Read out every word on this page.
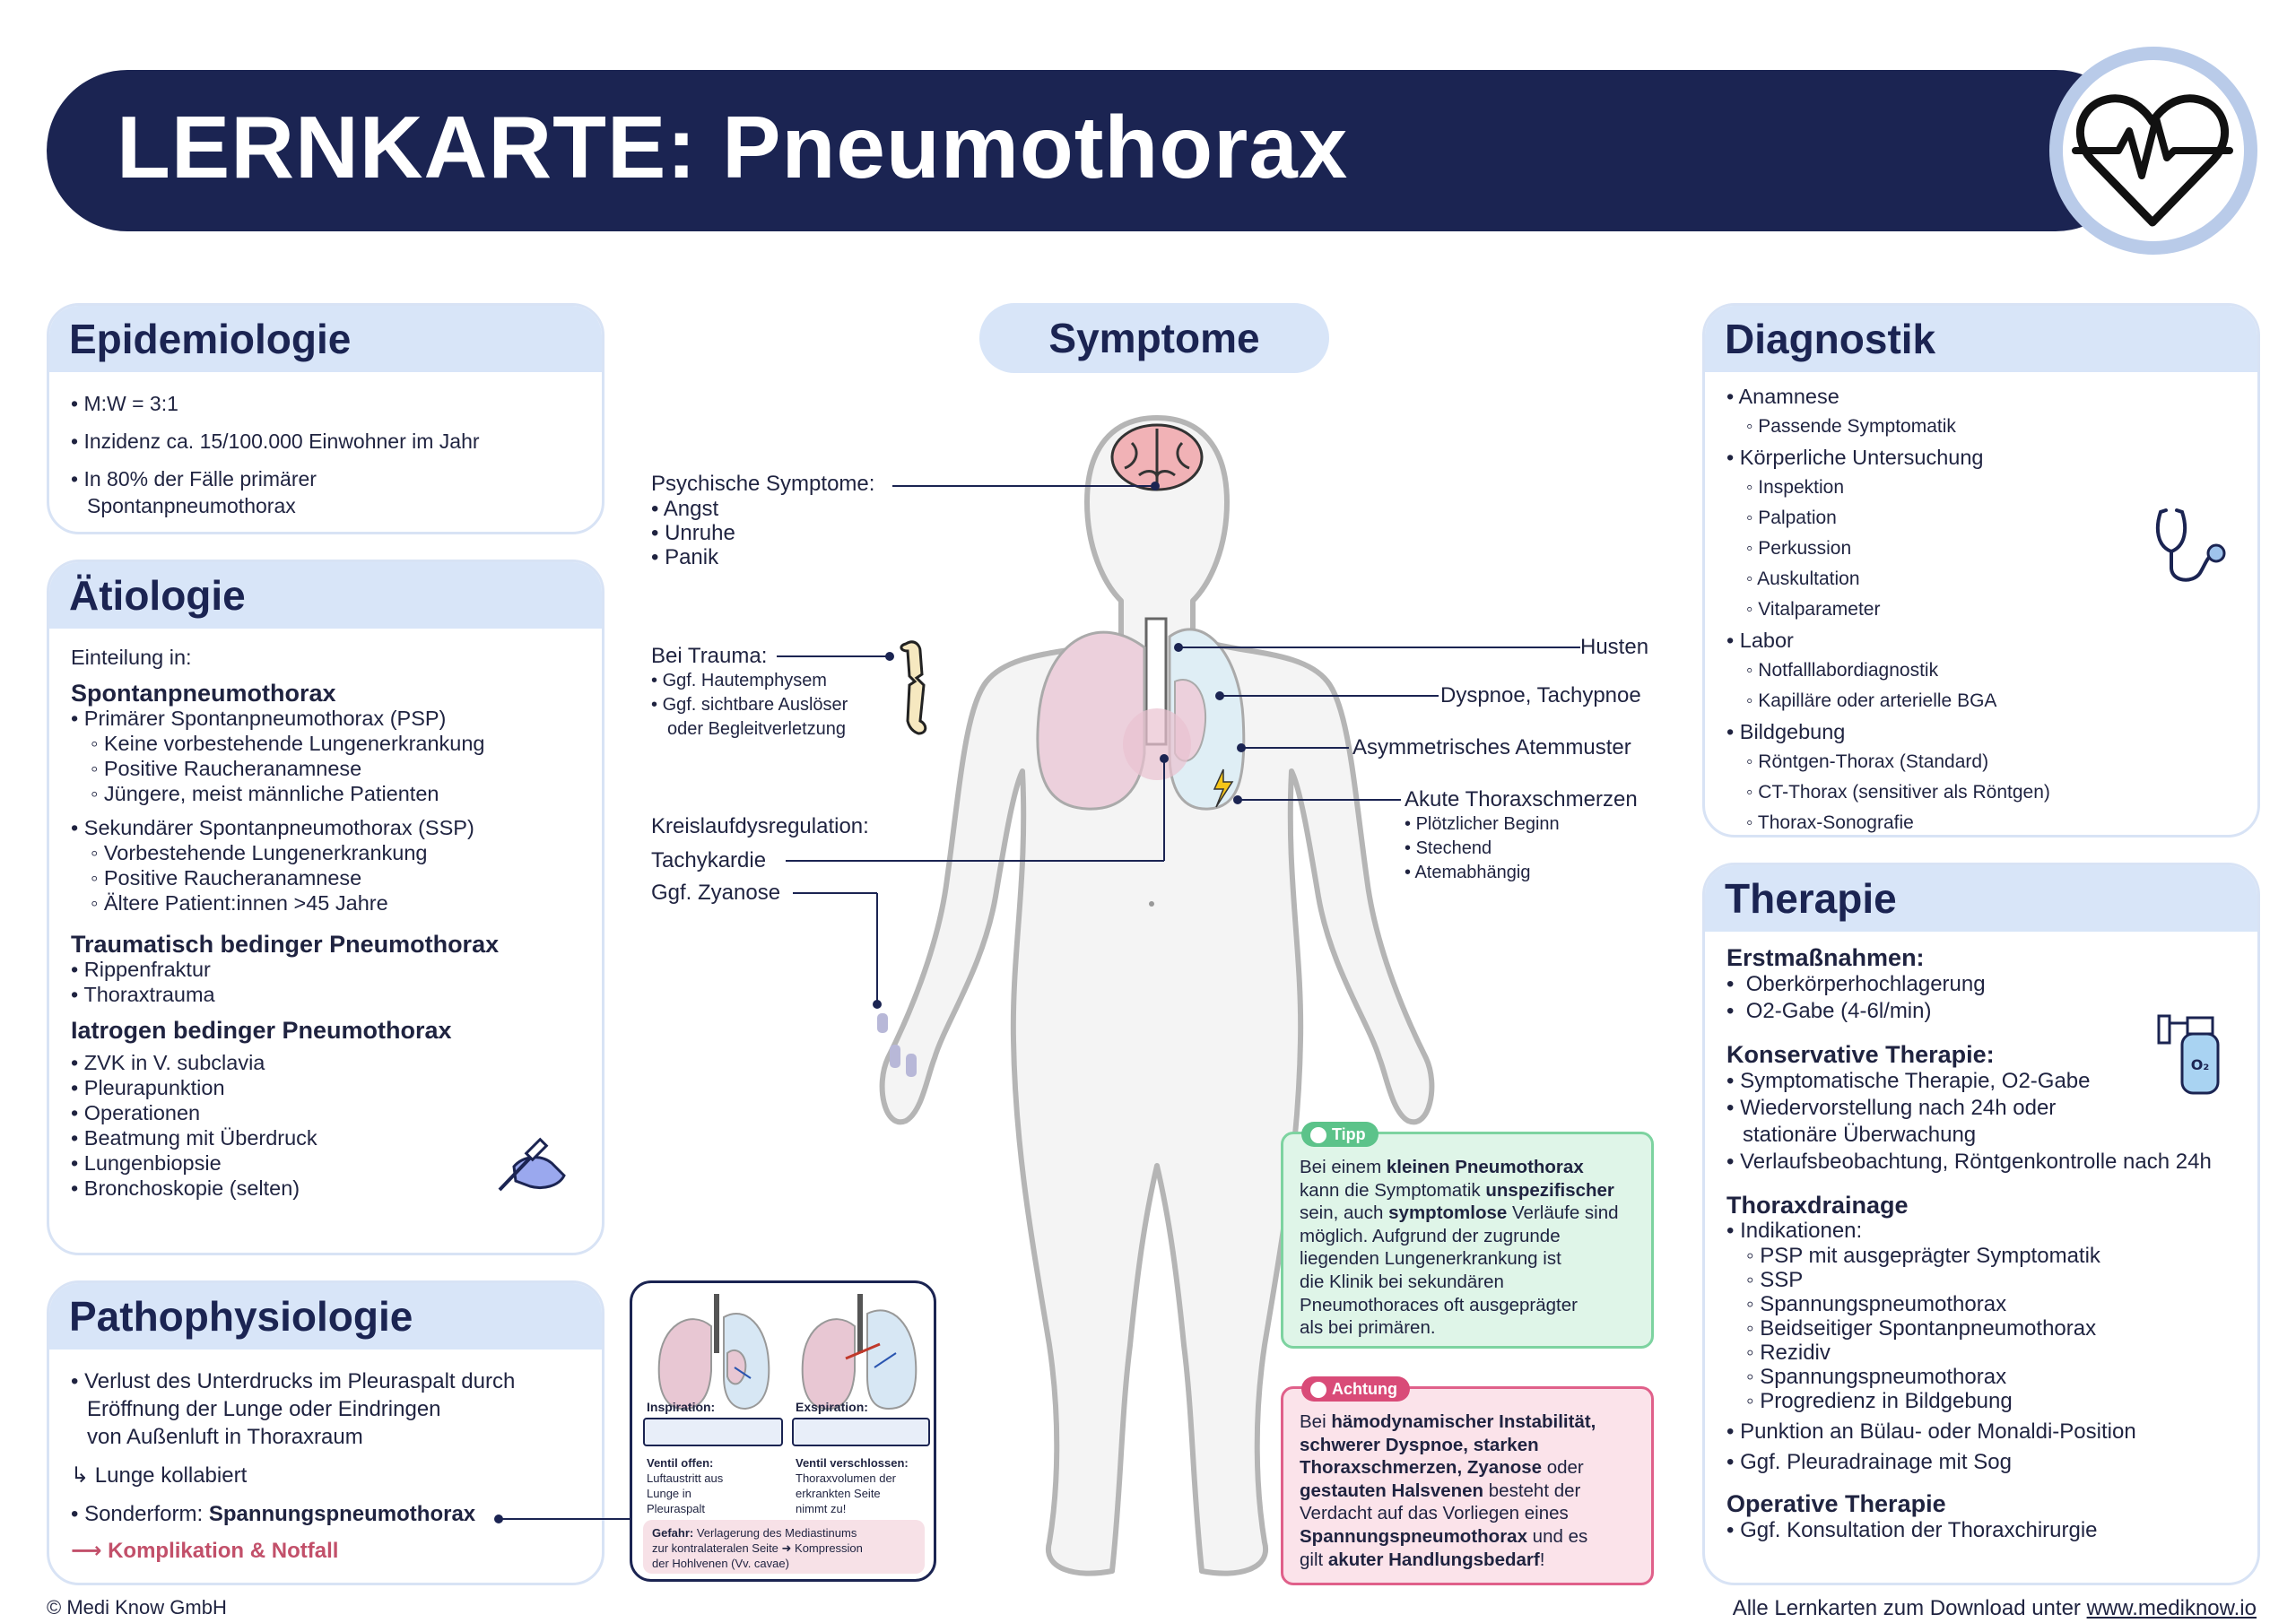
LERNKARTE: Pneumothorax
Epidemiologie
• M:W = 3:1
• Inzidenz ca. 15/100.000 Einwohner im Jahr
• In 80% der Fälle primärer
Spontanpneumothorax
Ätiologie
Einteilung in:
Spontanpneumothorax
• Primärer Spontanpneumothorax (PSP)
◦ Keine vorbestehende Lungenerkrankung
◦ Positive Raucheranamnese
◦ Jüngere, meist männliche Patienten
• Sekundärer Spontanpneumothorax (SSP)
◦ Vorbestehende Lungenerkrankung
◦ Positive Raucheranamnese
◦ Ältere Patient:innen >45 Jahre
Traumatisch bedinger Pneumothorax
• Rippenfraktur
• Thoraxtrauma
Iatrogen bedinger Pneumothorax
• ZVK in V. subclavia
• Pleurapunktion
• Operationen
• Beatmung mit Überdruck
• Lungenbiopsie
• Bronchoskopie (selten)
Pathophysiologie
• Verlust des Unterdrucks im Pleuraspalt durch
Eröffnung der Lunge oder Eindringen
von Außenluft in Thoraxraum
↳ Lunge kollabiert
• Sonderform: Spannungspneumothorax
⟶ Komplikation & Notfall
Inspiration:	Exspiration:
Ventil offen:
Luftaustritt aus
Lunge in
Pleuraspalt
Ventil verschlossen:
Thoraxvolumen der
erkrankten Seite
nimmt zu!
Gefahr: Verlagerung des Mediastinums
zur kontralateralen Seite ➜ Kompression
der Hohlvenen (Vv. cavae)
Symptome
Psychische Symptome:
• Angst
• Unruhe
• Panik
Bei Trauma:
• Ggf. Hautemphysem
• Ggf. sichtbare Auslöser
oder Begleitverletzung
Kreislaufdysregulation:
Tachykardie
Ggf. Zyanose
Husten
Dyspnoe, Tachypnoe
Asymmetrisches Atemmuster
Akute Thoraxschmerzen
• Plötzlicher Beginn
• Stechend
• Atemabhängig
i Tipp
Bei einem kleinen Pneumothorax
kann die Symptomatik unspezifischer
sein, auch symptomlose Verläufe sind
möglich. Aufgrund der zugrunde
liegenden Lungenerkrankung ist
die Klinik bei sekundären
Pneumothoraces oft ausgeprägter
als bei primären.
! Achtung
Bei hämodynamischer Instabilität,
schwerer Dyspnoe, starken
Thoraxschmerzen, Zyanose oder
gestauten Halsvenen besteht der
Verdacht auf das Vorliegen eines
Spannungspneumothorax und es
gilt akuter Handlungsbedarf!
Diagnostik
• Anamnese
◦ Passende Symptomatik
• Körperliche Untersuchung
◦ Inspektion
◦ Palpation
◦ Perkussion
◦ Auskultation
◦ Vitalparameter
• Labor
◦ Notfalllabordiagnostik
◦ Kapilläre oder arterielle BGA
• Bildgebung
◦ Röntgen-Thorax (Standard)
◦ CT-Thorax (sensitiver als Röntgen)
◦ Thorax-Sonografie
Therapie
Erstmaßnahmen:
•  Oberkörperhochlagerung
•  O2-Gabe (4-6l/min)
Konservative Therapie:
• Symptomatische Therapie, O2-Gabe
• Wiedervorstellung nach 24h oder
stationäre Überwachung
• Verlaufsbeobachtung, Röntgenkontrolle nach 24h
Thoraxdrainage
• Indikationen:
◦ PSP mit ausgeprägter Symptomatik
◦ SSP
◦ Spannungspneumothorax
◦ Beidseitiger Spontanpneumothorax
◦ Rezidiv
◦ Spannungspneumothorax
◦ Progredienz in Bildgebung
• Punktion an Bülau- oder Monaldi-Position
• Ggf. Pleuradrainage mit Sog
Operative Therapie
• Ggf. Konsultation der Thoraxchirurgie
O₂
© Medi Know GmbH	Alle Lernkarten zum Download unter www.mediknow.io
